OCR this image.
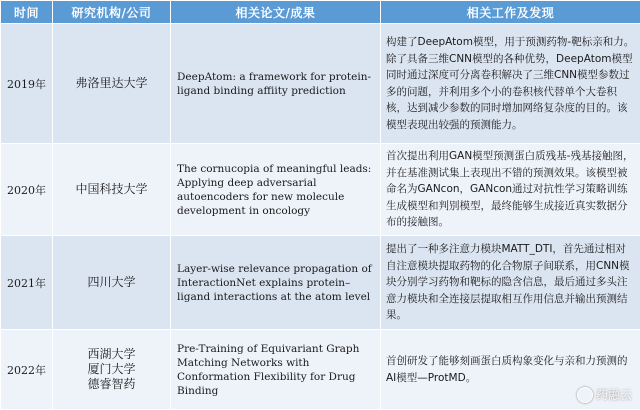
时间	研究机构/公司	相关论文/成果	相关工作及发现
2019年	弗洛里达大学	DeepAtom: a framework for protein-ligand binding affiity prediction	构建了DeepAtom模型，用于预测药物-靶标亲和力。除了具备三维CNN模型的各种优势，DeepAtom模型同时通过深度可分离卷积解决了三维CNN模型参数过多的问题，并利用多个小的卷积核代替单个大卷积核，达到减少参数的同时增加网络复杂度的目的。该模型表现出较强的预测能力。
2020年	中国科技大学	The cornucopia of meaningful leads: Applying deep adversarial autoencoders for new molecule development in oncology	首次提出利用GAN模型预测蛋白质残基-残基接触图，并在基准测试集上表现出不错的预测效果。该模型被命名为GANcon，GANcon通过对抗性学习策略训练生成模型和判别模型，最终能够生成接近真实数据分布的接触图。
2021年	四川大学	Layer-wise relevance propagation of InteractionNet explains protein–ligand interactions at the atom level	提出了一种多注意力模块MATT_DTI，首先通过相对自注意模块提取药物的化合物原子间联系，用CNN模块分别学习药物和靶标的隐含信息，最后通过多头注意力模块和全连接层提取相互作用信息并输出预测结果。
2022年	西湖大学
厦门大学
德睿智药	Pre-Training of Equivariant Graph Matching Networks with Conformation Flexibility for Drug Binding	首创研发了能够刻画蛋白质构象变化与亲和力预测的AI模型—ProtMD。
药融云
